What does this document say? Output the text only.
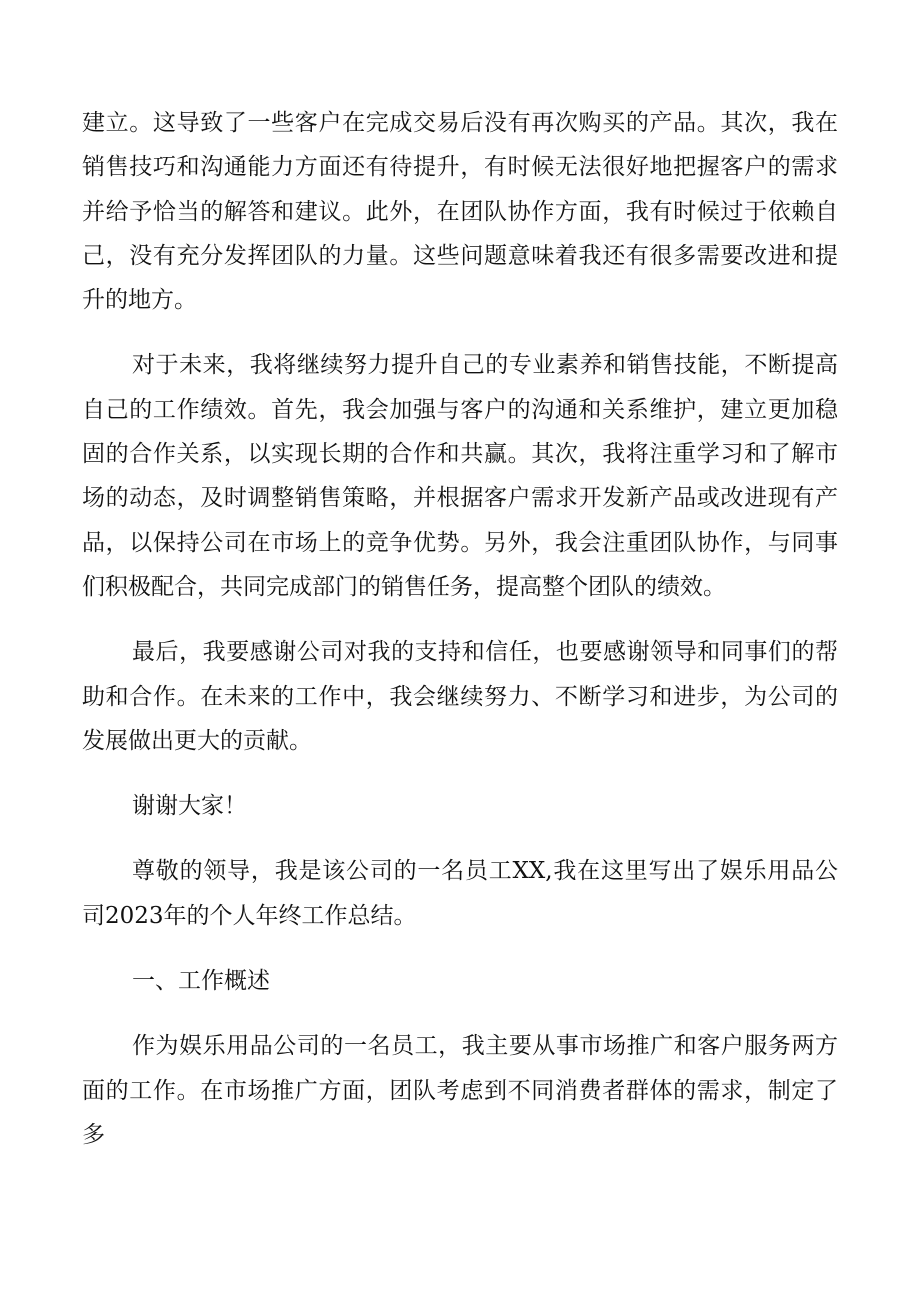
建立。这导致了一些客户在完成交易后没有再次购买的产品。其次，我在销售技巧和沟通能力方面还有待提升，有时候无法很好地把握客户的需求并给予恰当的解答和建议。此外，在团队协作方面，我有时候过于依赖自己，没有充分发挥团队的力量。这些问题意味着我还有很多需要改进和提升的地方。

对于未来，我将继续努力提升自己的专业素养和销售技能，不断提高自己的工作绩效。首先，我会加强与客户的沟通和关系维护，建立更加稳固的合作关系，以实现长期的合作和共赢。其次，我将注重学习和了解市场的动态，及时调整销售策略，并根据客户需求开发新产品或改进现有产品，以保持公司在市场上的竞争优势。另外，我会注重团队协作，与同事们积极配合，共同完成部门的销售任务，提高整个团队的绩效。

最后，我要感谢公司对我的支持和信任，也要感谢领导和同事们的帮助和合作。在未来的工作中，我会继续努力、不断学习和进步，为公司的发展做出更大的贡献。

谢谢大家！

尊敬的领导，我是该公司的一名员工XX,我在这里写出了娱乐用品公司2023年的个人年终工作总结。

一、工作概述

作为娱乐用品公司的一名员工，我主要从事市场推广和客户服务两方面的工作。在市场推广方面，团队考虑到不同消费者群体的需求，制定了多
